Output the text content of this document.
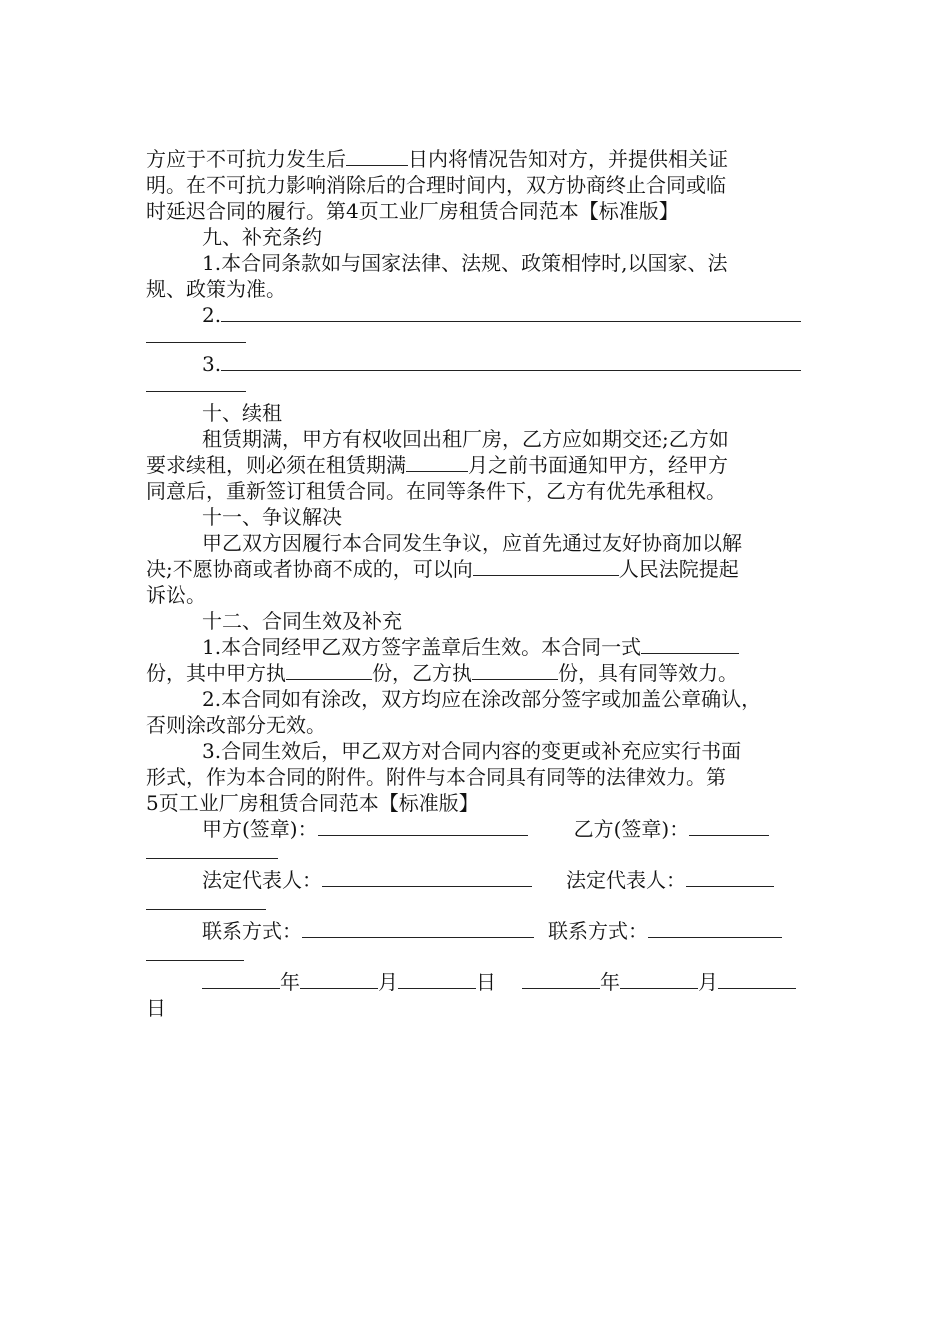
方应于不可抗力发生后	日内将情况告知对方，并提供相关证
明。在不可抗力影响消除后的合理时间内，双方协商终止合同或临
时延迟合同的履行。第4页工业厂房租赁合同范本【标准版】
九、补充条约
1.本合同条款如与国家法律、法规、政策相悖时,以国家、法
规、政策为准。
2.
3.
十、续租
租赁期满，甲方有权收回出租厂房，乙方应如期交还;乙方如
要求续租，则必须在租赁期满	月之前书面通知甲方，经甲方
同意后，重新签订租赁合同。在同等条件下，乙方有优先承租权。
十一、争议解决
甲乙双方因履行本合同发生争议，应首先通过友好协商加以解
决;不愿协商或者协商不成的，可以向	人民法院提起
诉讼。
十二、合同生效及补充
1.本合同经甲乙双方签字盖章后生效。本合同一式
份，其中甲方执	份，乙方执	份，具有同等效力。
2.本合同如有涂改，双方均应在涂改部分签字或加盖公章确认，
否则涂改部分无效。
3.合同生效后，甲乙双方对合同内容的变更或补充应实行书面
形式，作为本合同的附件。附件与本合同具有同等的法律效力。第
5页工业厂房租赁合同范本【标准版】
甲方(签章)：	乙方(签章)：
法定代表人：	法定代表人：
联系方式：	联系方式：
年	月	日	年	月
日
